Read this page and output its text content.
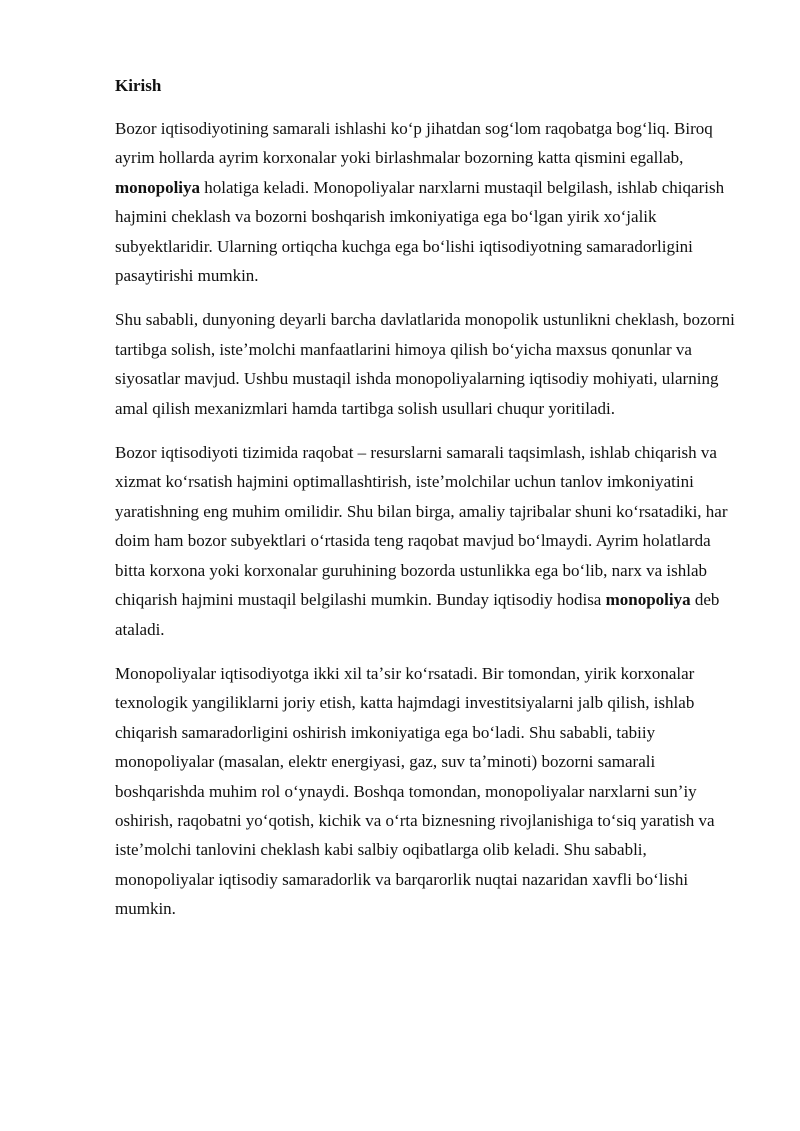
Kirish

Bozor iqtisodiyotining samarali ishlashi koʻp jihatdan sogʻlom raqobatga bogʻliq. Biroq ayrim hollarda ayrim korxonalar yoki birlashmalar bozorning katta qismini egallab, monopoliya holatiga keladi. Monopoliyalar narxlarni mustaqil belgilash, ishlab chiqarish hajmini cheklash va bozorni boshqarish imkoniyatiga ega boʻlgan yirik xoʻjalik subyektlaridir. Ularning ortiqcha kuchga ega boʻlishi iqtisodiyotning samaradorligini pasaytirishi mumkin.

Shu sababli, dunyoning deyarli barcha davlatlarida monopolik ustunlikni cheklash, bozorni tartibga solish, isteʼmolchi manfaatlarini himoya qilish boʻyicha maxsus qonunlar va siyosatlar mavjud. Ushbu mustaqil ishda monopoliyalarning iqtisodiy mohiyati, ularning amal qilish mexanizmlari hamda tartibga solish usullari chuqur yoritiladi.

Bozor iqtisodiyoti tizimida raqobat – resurslarni samarali taqsimlash, ishlab chiqarish va xizmat koʻrsatish hajmini optimallashtirish, isteʼmolchilar uchun tanlov imkoniyatini yaratishning eng muhim omilidir. Shu bilan birga, amaliy tajribalar shuni koʻrsatadiki, har doim ham bozor subyektlari oʻrtasida teng raqobat mavjud boʻlmaydi. Ayrim holatlarda bitta korxona yoki korxonalar guruhining bozorda ustunlikka ega boʻlib, narx va ishlab chiqarish hajmini mustaqil belgilashi mumkin. Bunday iqtisodiy hodisa monopoliya deb ataladi.

Monopoliyalar iqtisodiyotga ikki xil taʼsir koʻrsatadi. Bir tomondan, yirik korxonalar texnologik yangiliklarni joriy etish, katta hajmdagi investitsiyalarni jalb qilish, ishlab chiqarish samaradorligini oshirish imkoniyatiga ega boʻladi. Shu sababli, tabiiy monopoliyalar (masalan, elektr energiyasi, gaz, suv taʼminoti) bozorni samarali boshqarishda muhim rol oʻynaydi. Boshqa tomondan, monopoliyalar narxlarni sunʼiy oshirish, raqobatni yoʻqotish, kichik va oʻrta biznesning rivojlanishiga toʻsiq yaratish va isteʼmolchi tanlovini cheklash kabi salbiy oqibatlarga olib keladi. Shu sababli, monopoliyalar iqtisodiy samaradorlik va barqarorlik nuqtai nazaridan xavfli boʻlishi mumkin.
